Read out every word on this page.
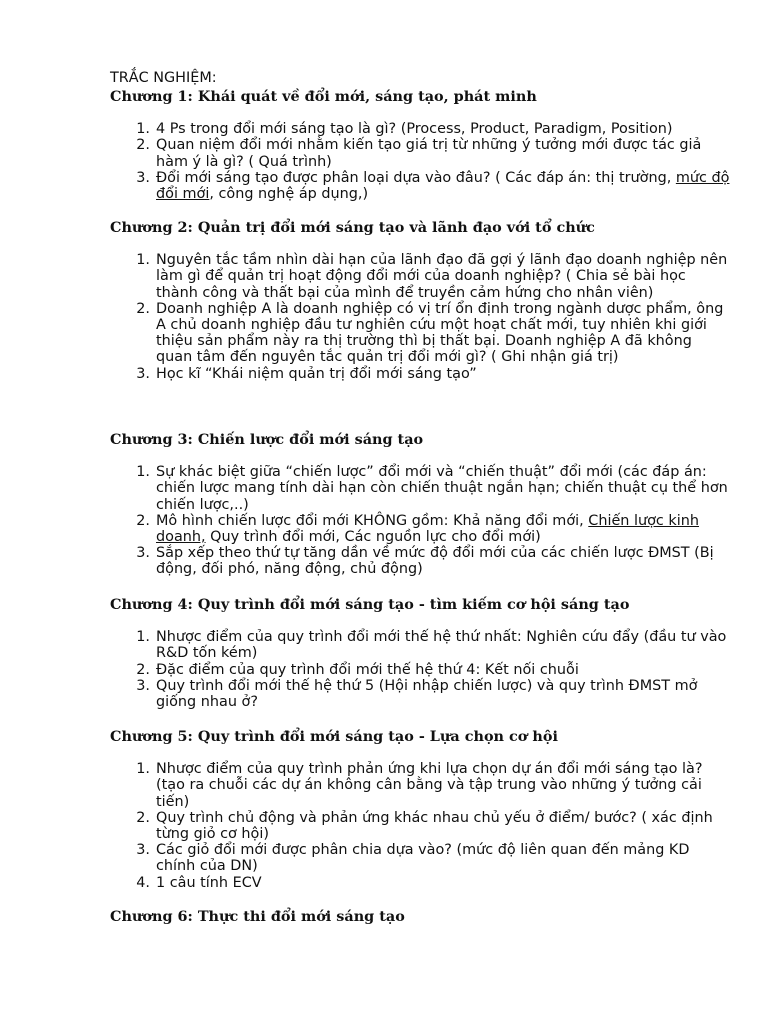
TRẮC NGHIỆM:

Chương 1: Khái quát về đổi mới, sáng tạo, phát minh

1. 4 Ps trong đổi mới sáng tạo là gì? (Process, Product, Paradigm, Position)
2. Quan niệm đổi mới nhằm kiến tạo giá trị từ những ý tưởng mới được tác giả hàm ý là gì? ( Quá trình)
3. Đổi mới sáng tạo được phân loại dựa vào đâu? ( Các đáp án: thị trường, mức độ đổi mới, công nghệ áp dụng,)

Chương 2: Quản trị đổi mới sáng tạo và lãnh đạo với tổ chức

1. Nguyên tắc tầm nhìn dài hạn của lãnh đạo đã gợi ý lãnh đạo doanh nghiệp nên làm gì để quản trị hoạt động đổi mới của doanh nghiệp? ( Chia sẻ bài học thành công và thất bại của mình để truyền cảm hứng cho nhân viên)
2. Doanh nghiệp A là doanh nghiệp có vị trí ổn định trong ngành dược phẩm, ông A chủ doanh nghiệp đầu tư nghiên cứu một hoạt chất mới, tuy nhiên khi giới thiệu sản phẩm này ra thị trường thì bị thất bại. Doanh nghiệp A đã không quan tâm đến nguyên tắc quản trị đổi mới gì? ( Ghi nhận giá trị)
3. Học kĩ “Khái niệm quản trị đổi mới sáng tạo”

Chương 3: Chiến lược đổi mới sáng tạo

1. Sự khác biệt giữa “chiến lược” đổi mới và “chiến thuật” đổi mới (các đáp án: chiến lược mang tính dài hạn còn chiến thuật ngắn hạn; chiến thuật cụ thể hơn chiến lược,..)
2. Mô hình chiến lược đổi mới KHÔNG gồm: Khả năng đổi mới, Chiến lược kinh doanh, Quy trình đổi mới, Các nguồn lực cho đổi mới)
3. Sắp xếp theo thứ tự tăng dần về mức độ đổi mới của các chiến lược ĐMST (Bị động, đối phó, năng động, chủ động)

Chương 4: Quy trình đổi mới sáng tạo - tìm kiếm cơ hội sáng tạo

1. Nhược điểm của quy trình đổi mới thế hệ thứ nhất: Nghiên cứu đẩy (đầu tư vào R&D tốn kém)
2. Đặc điểm của quy trình đổi mới thế hệ thứ 4: Kết nối chuỗi
3. Quy trình đổi mới thế hệ thứ 5 (Hội nhập chiến lược) và quy trình ĐMST mở giống nhau ở?

Chương 5: Quy trình đổi mới sáng tạo - Lựa chọn cơ hội

1. Nhược điểm của quy trình phản ứng khi lựa chọn dự án đổi mới sáng tạo là? (tạo ra chuỗi các dự án không cân bằng và tập trung vào những ý tưởng cải tiến)
2. Quy trình chủ động và phản ứng khác nhau chủ yếu ở điểm/ bước? ( xác định từng giỏ cơ hội)
3. Các giỏ đổi mới được phân chia dựa vào? (mức độ liên quan đến mảng KD chính của DN)
4. 1 câu tính ECV

Chương 6: Thực thi đổi mới sáng tạo
